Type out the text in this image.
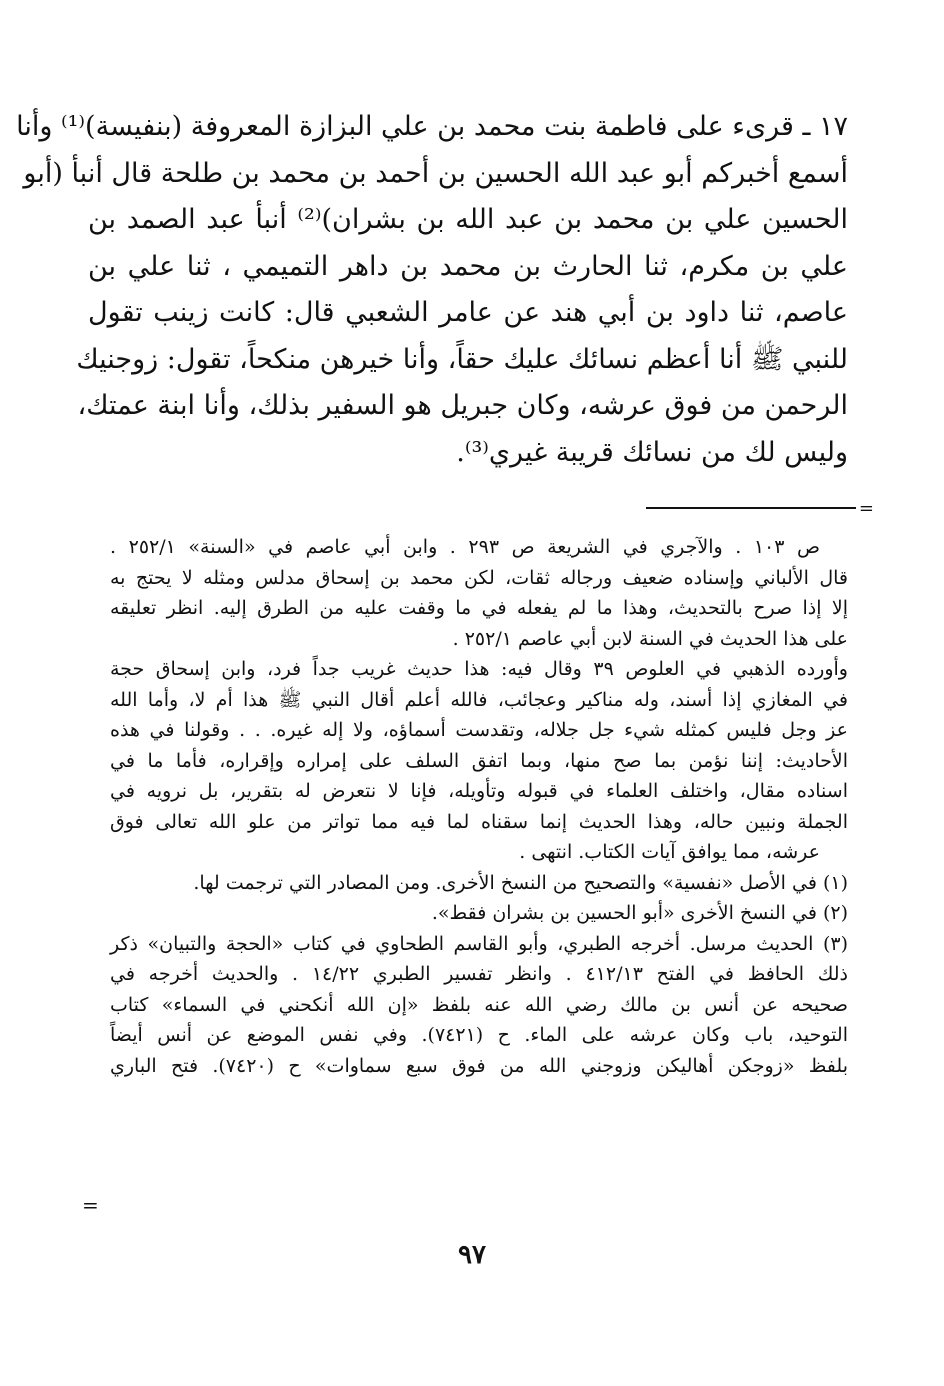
١٧ ـ قرىء على فاطمة بنت محمد بن علي البزازة المعروفة (بنفيسة)⁽¹⁾ وأنا
أسمع أخبركم أبو عبد الله الحسين بن أحمد بن محمد بن طلحة قال أنبأ (أبو
الحسين علي بن محمد بن عبد الله بن بشران)⁽²⁾ أنبأ عبد الصمد بن
علي بن مكرم، ثنا الحارث بن محمد بن داهر التميمي ، ثنا علي بن
عاصم، ثنا داود بن أبي هند عن عامر الشعبي قال: كانت زينب تقول
للنبي ﷺ أنا أعظم نسائك عليك حقاً، وأنا خيرهن منكحاً، تقول: زوجنيك
الرحمن من فوق عرشه، وكان جبريل هو السفير بذلك، وأنا ابنة عمتك،
وليس لك من نسائك قريبة غيري⁽³⁾.
=
ص ١٠٣ . والآجري في الشريعة ص ٢٩٣ . وابن أبي عاصم في «السنة» ٢٥٢/١ .
قال الألباني وإسناده ضعيف ورجاله ثقات، لكن محمد بن إسحاق مدلس ومثله لا يحتج به
إلا إذا صرح بالتحديث، وهذا ما لم يفعله في ما وقفت عليه من الطرق إليه. انظر تعليقه
على هذا الحديث في السنة لابن أبي عاصم ٢٥٢/١ .
وأورده الذهبي في العلوص ٣٩ وقال فيه: هذا حديث غريب جداً فرد، وابن إسحاق حجة
في المغازي إذا أسند، وله مناكير وعجائب، فالله أعلم أقال النبي ﷺ هذا أم لا، وأما الله
عز وجل فليس كمثله شيء جل جلاله، وتقدست أسماؤه، ولا إله غيره. . . وقولنا في هذه
الأحاديث: إننا نؤمن بما صح منها، وبما اتفق السلف على إمراره وإقراره، فأما ما في
اسناده مقال، واختلف العلماء في قبوله وتأويله، فإنا لا نتعرض له بتقرير، بل نرويه في
الجملة ونبين حاله، وهذا الحديث إنما سقناه لما فيه مما تواتر من علو الله تعالى فوق
عرشه، مما يوافق آيات الكتاب. انتهى .
(١) في الأصل «نفسية» والتصحيح من النسخ الأخرى. ومن المصادر التي ترجمت لها.
(٢) في النسخ الأخرى «أبو الحسين بن بشران فقط».
(٣) الحديث مرسل. أخرجه الطبري، وأبو القاسم الطحاوي في كتاب «الحجة والتبيان» ذكر
ذلك الحافظ في الفتح ٤١٢/١٣ . وانظر تفسير الطبري ١٤/٢٢ . والحديث أخرجه في
صحيحه عن أنس بن مالك رضي الله عنه بلفظ «إن الله أنكحني في السماء» كتاب
التوحيد، باب وكان عرشه على الماء. ح (٧٤٢١). وفي نفس الموضع عن أنس أيضاً
بلفظ «زوجكن أهاليكن وزوجني الله من فوق سبع سماوات» ح (٧٤٢٠). فتح الباري
=
٩٧
